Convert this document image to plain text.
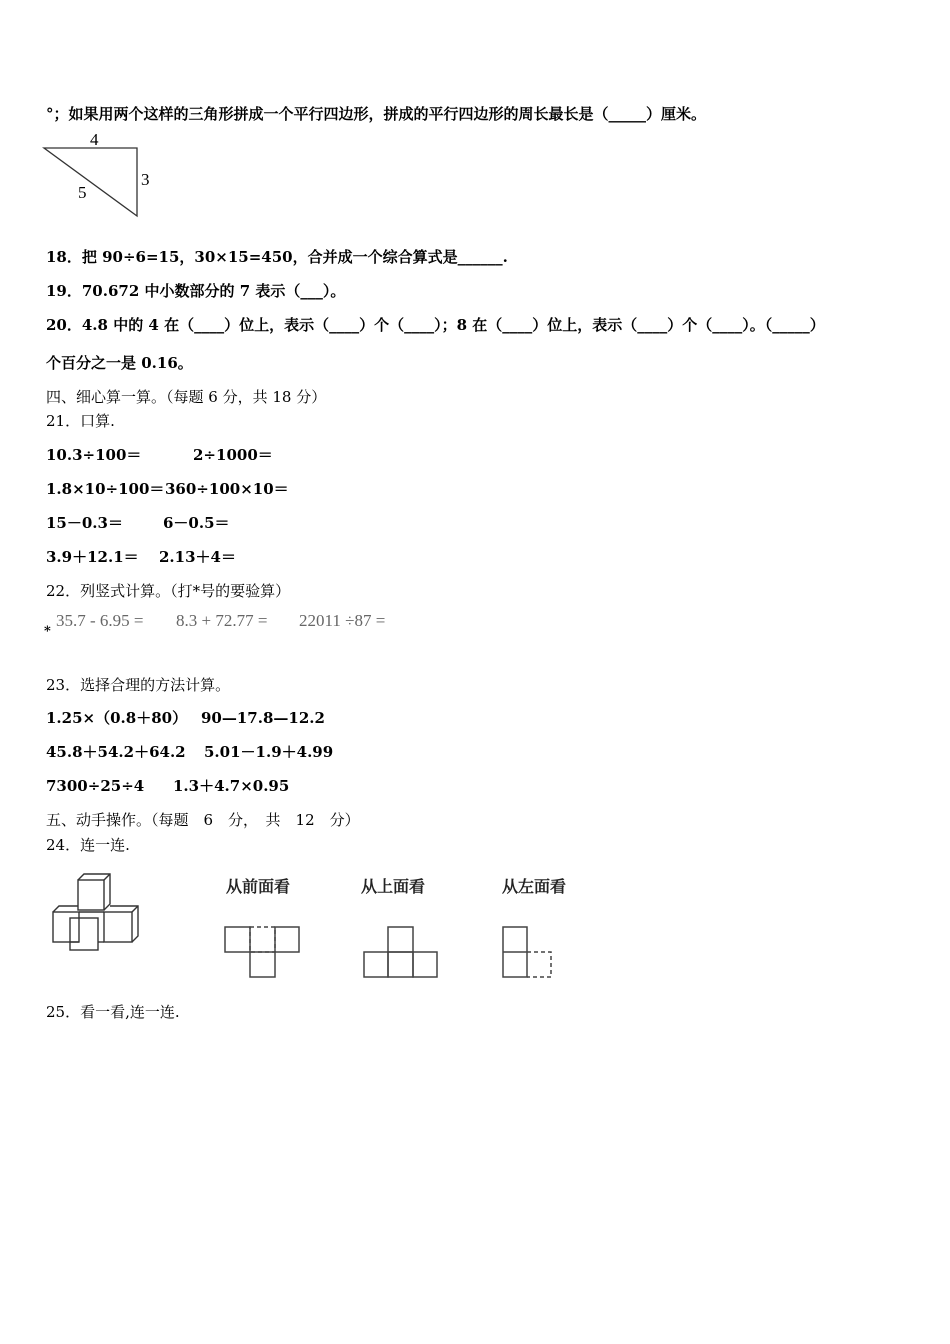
°；如果用两个这样的三角形拼成一个平行四边形，拼成的平行四边形的周长最长是（_____）厘米。
4
3
5
18．把 90÷6=15，30×15=450，合并成一个综合算式是______.
19．70.672 中小数部分的 7 表示（___）。
20．4.8 中的 4 在（____）位上，表示（____）个（____）；8 在（____）位上，表示（____）个（____）。（_____）
个百分之一是 0.16。
四、细心算一算。（每题 6 分，共 18 分）
21．口算.
10.3÷100＝	2÷1000＝
1.8×10÷100＝360÷100×10＝
15－0.3＝	6－0.5＝
3.9＋12.1＝ 2.13＋4＝
22．列竖式计算。（打*号的要验算）
35.7 - 6.95 = 8.3 + 72.77 = 22011 ÷87 =
*
23．选择合理的方法计算。
1.25×（0.8＋80） 90—17.8—12.2
45.8＋54.2＋64.2 5.01－1.9＋4.99
7300÷25÷4 1.3＋4.7×0.95
五、动手操作。（每题　6　分，　共　12　分）
24．连一连.
从前面看	从上面看	从左面看
25．看一看,连一连.
